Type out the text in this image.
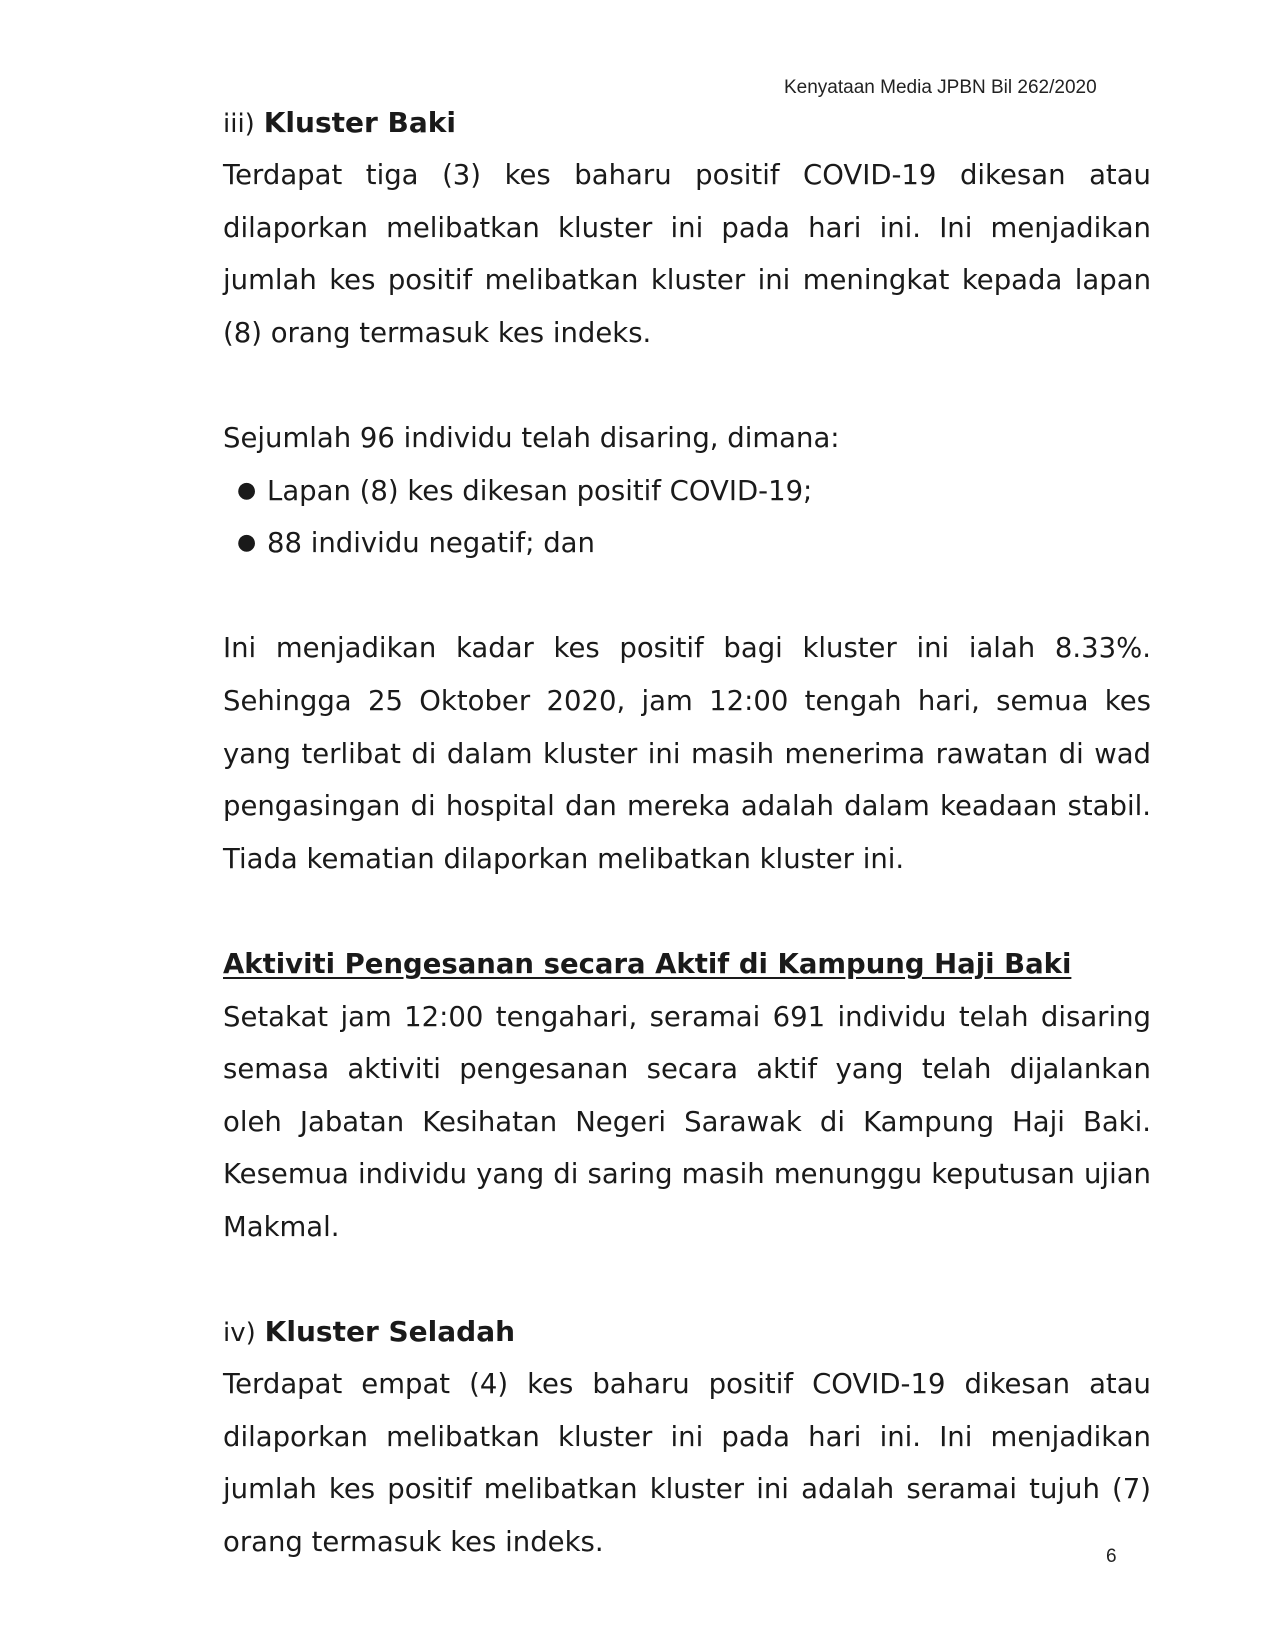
Kenyataan Media JPBN Bil 262/2020
iii) Kluster Baki

Terdapat tiga (3) kes baharu positif COVID-19 dikesan atau dilaporkan melibatkan kluster ini pada hari ini. Ini menjadikan jumlah kes positif melibatkan kluster ini meningkat kepada lapan (8) orang termasuk kes indeks.

Sejumlah 96 individu telah disaring, dimana:

● Lapan (8) kes dikesan positif COVID-19;
● 88 individu negatif; dan

Ini menjadikan kadar kes positif bagi kluster ini ialah 8.33%. Sehingga 25 Oktober 2020, jam 12:00 tengah hari, semua kes yang terlibat di dalam kluster ini masih menerima rawatan di wad pengasingan di hospital dan mereka adalah dalam keadaan stabil. Tiada kematian dilaporkan melibatkan kluster ini.

Aktiviti Pengesanan secara Aktif di Kampung Haji Baki

Setakat jam 12:00 tengahari, seramai 691 individu telah disaring semasa aktiviti pengesanan secara aktif yang telah dijalankan oleh Jabatan Kesihatan Negeri Sarawak di Kampung Haji Baki. Kesemua individu yang di saring masih menunggu keputusan ujian Makmal.

iv) Kluster Seladah

Terdapat empat (4) kes baharu positif COVID-19 dikesan atau dilaporkan melibatkan kluster ini pada hari ini. Ini menjadikan jumlah kes positif melibatkan kluster ini adalah seramai tujuh (7) orang termasuk kes indeks.	6
